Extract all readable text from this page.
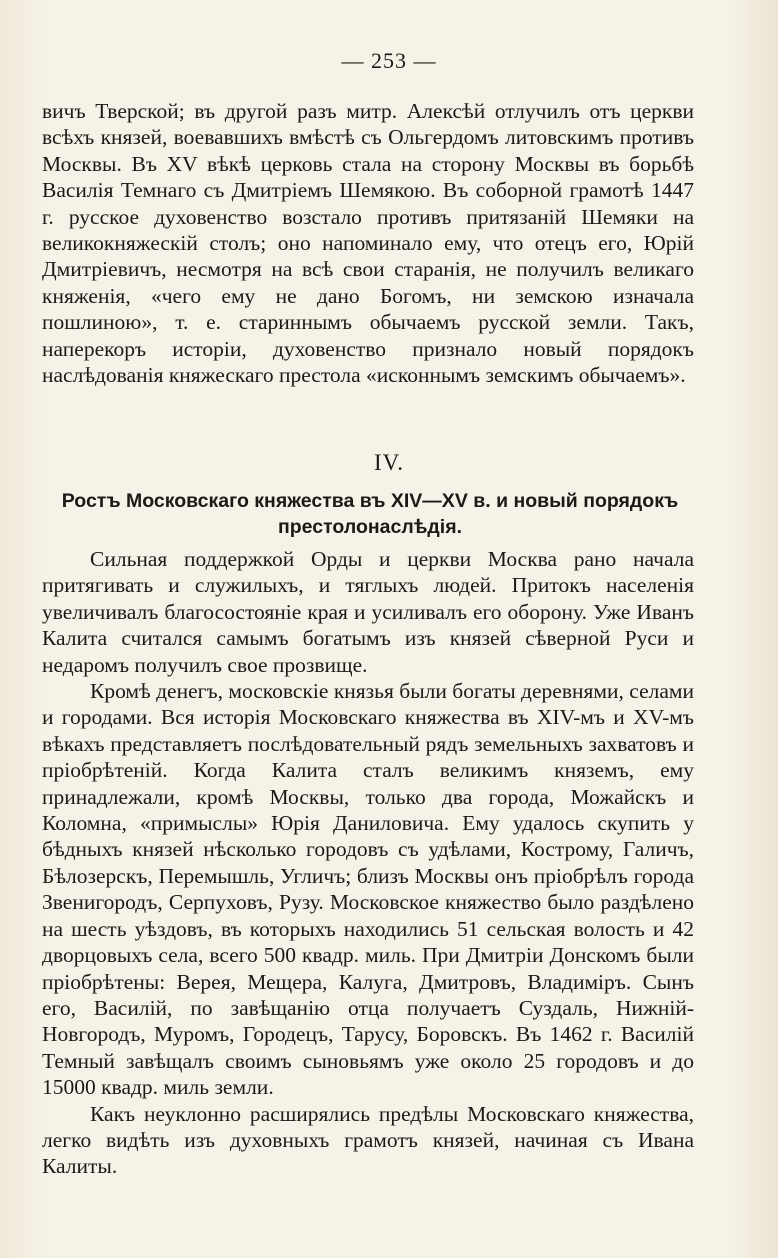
— 253 —

вичъ Тверской; въ другой разъ митр. Алексѣй отлучилъ отъ церкви всѣхъ князей, воевавшихъ вмѣстѣ съ Ольгердомъ литовскимъ противъ Москвы. Въ XV вѣкѣ церковь стала на сторону Москвы въ борьбѣ Василія Темнаго съ Дмитріемъ Шемякою. Въ соборной грамотѣ 1447 г. русское духовенство возстало противъ притязаній Шемяки на великокняжескій столъ; оно напоминало ему, что отецъ его, Юрій Дмитріевичъ, несмотря на всѣ свои старанія, не получилъ великаго княженія, «чего ему не дано Богомъ, ни земскою изначала пошлиною», т. е. стариннымъ обычаемъ русской земли. Такъ, наперекоръ исторіи, духовенство признало новый порядокъ наслѣдованія княжескаго престола «исконнымъ земскимъ обычаемъ».

IV.
Ростъ Московскаго княжества въ XIV—XV в. и новый порядокъ
престолонаслѣдія.

Сильная поддержкой Орды и церкви Москва рано начала притягивать и служилыхъ, и тяглыхъ людей. Притокъ населенія увеличивалъ благосостояніе края и усиливалъ его оборону. Уже Иванъ Калита считался самымъ богатымъ изъ князей сѣверной Руси и недаромъ получилъ свое прозвище.

Кромѣ денегъ, московскіе князья были богаты деревнями, селами и городами. Вся исторія Московскаго княжества въ XIV-мъ и XV-мъ вѣкахъ представляетъ послѣдовательный рядъ земельныхъ захватовъ и пріобрѣтеній. Когда Калита сталъ великимъ княземъ, ему принадлежали, кромѣ Москвы, только два города, Можайскъ и Коломна, «примыслы» Юрія Даниловича. Ему удалось скупить у бѣдныхъ князей нѣсколько городовъ съ удѣлами, Кострому, Галичъ, Бѣлозерскъ, Перемышль, Угличъ; близъ Москвы онъ пріобрѣлъ города Звенигородъ, Серпуховъ, Рузу. Московское княжество было раздѣлено на шесть уѣздовъ, въ которыхъ находились 51 сельская волость и 42 дворцовыхъ села, всего 500 квадр. миль. При Дмитріи Донскомъ были пріобрѣтены: Верея, Мещера, Калуга, Дмитровъ, Владиміръ. Сынъ его, Василій, по завѣщанію отца получаетъ Суздаль, Нижній-Новгородъ, Муромъ, Городецъ, Тарусу, Боровскъ. Въ 1462 г. Василій Темный завѣщалъ своимъ сыновьямъ уже около 25 городовъ и до 15000 квадр. миль земли.

Какъ неуклонно расширялись предѣлы Московскаго княжества, легко видѣть изъ духовныхъ грамотъ князей, начиная съ Ивана Калиты.
